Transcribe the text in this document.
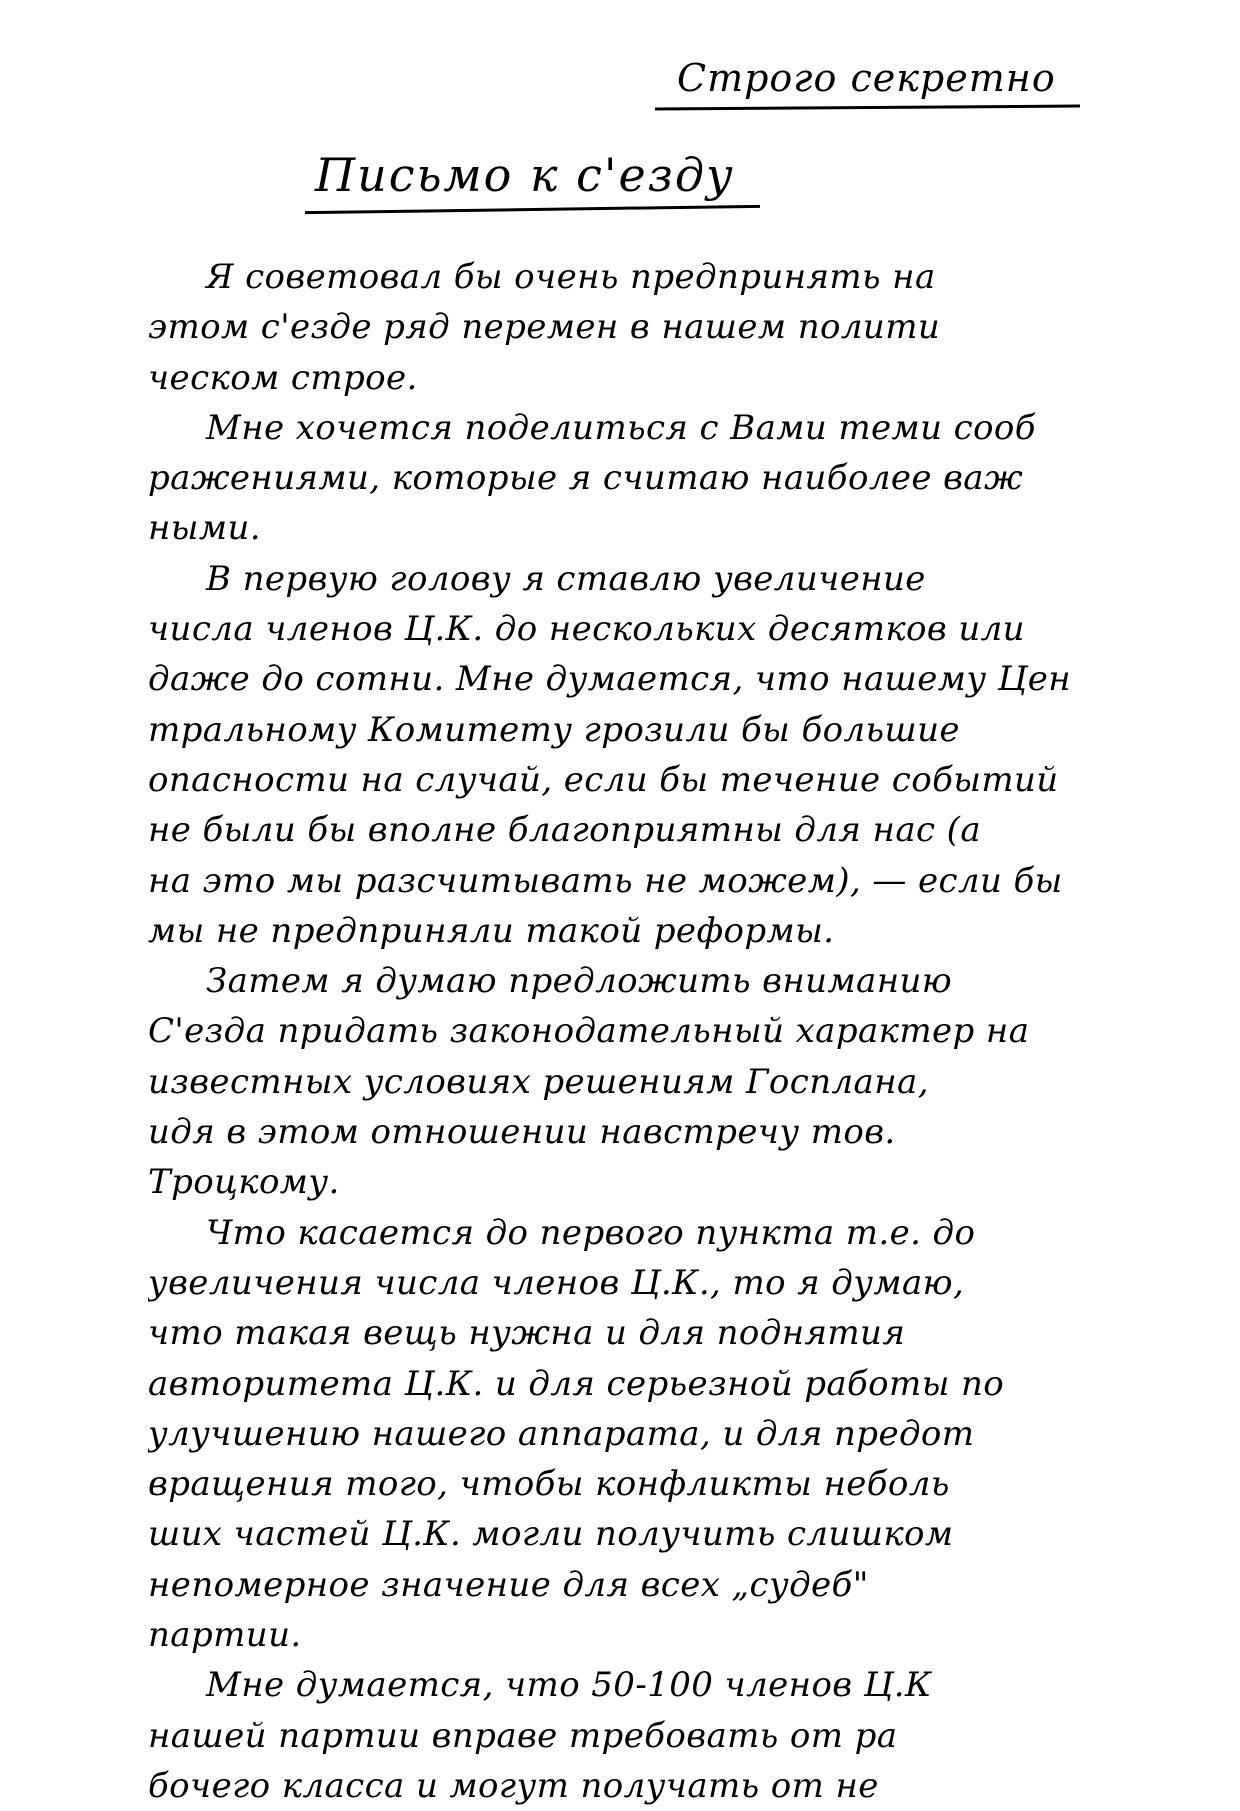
Строго секретно
Письмо к с'езду
Я советовал бы очень предпринять на
этом с'езде ряд перемен в нашем полити
ческом строе.
Мне хочется поделиться с Вами теми сооб
ражениями, которые я считаю наиболее важ
ными.
В первую голову я ставлю увеличение
числа членов Ц.К. до нескольких десятков или
даже до сотни. Мне думается, что нашему Цен
тральному Комитету грозили бы большие
опасности на случай, если бы течение событий
не были бы вполне благоприятны для нас (а
на это мы разсчитывать не можем), — если бы
мы не предприняли такой реформы.
Затем я думаю предложить вниманию
С'езда придать законодательный характер на
известных условиях решениям Госплана,
идя в этом отношении навстречу тов.
Троцкому.
Что касается до первого пункта т.е. до
увеличения числа членов Ц.К., то я думаю,
что такая вещь нужна и для поднятия
авторитета Ц.К. и для серьезной работы по
улучшению нашего аппарата, и для предот
вращения того, чтобы конфликты неболь
ших частей Ц.К. могли получить слишком
непомерное значение для всех „судеб"
партии.
Мне думается, что 50-100 членов Ц.К
нашей партии вправе требовать от ра
бочего класса и могут получать от не
